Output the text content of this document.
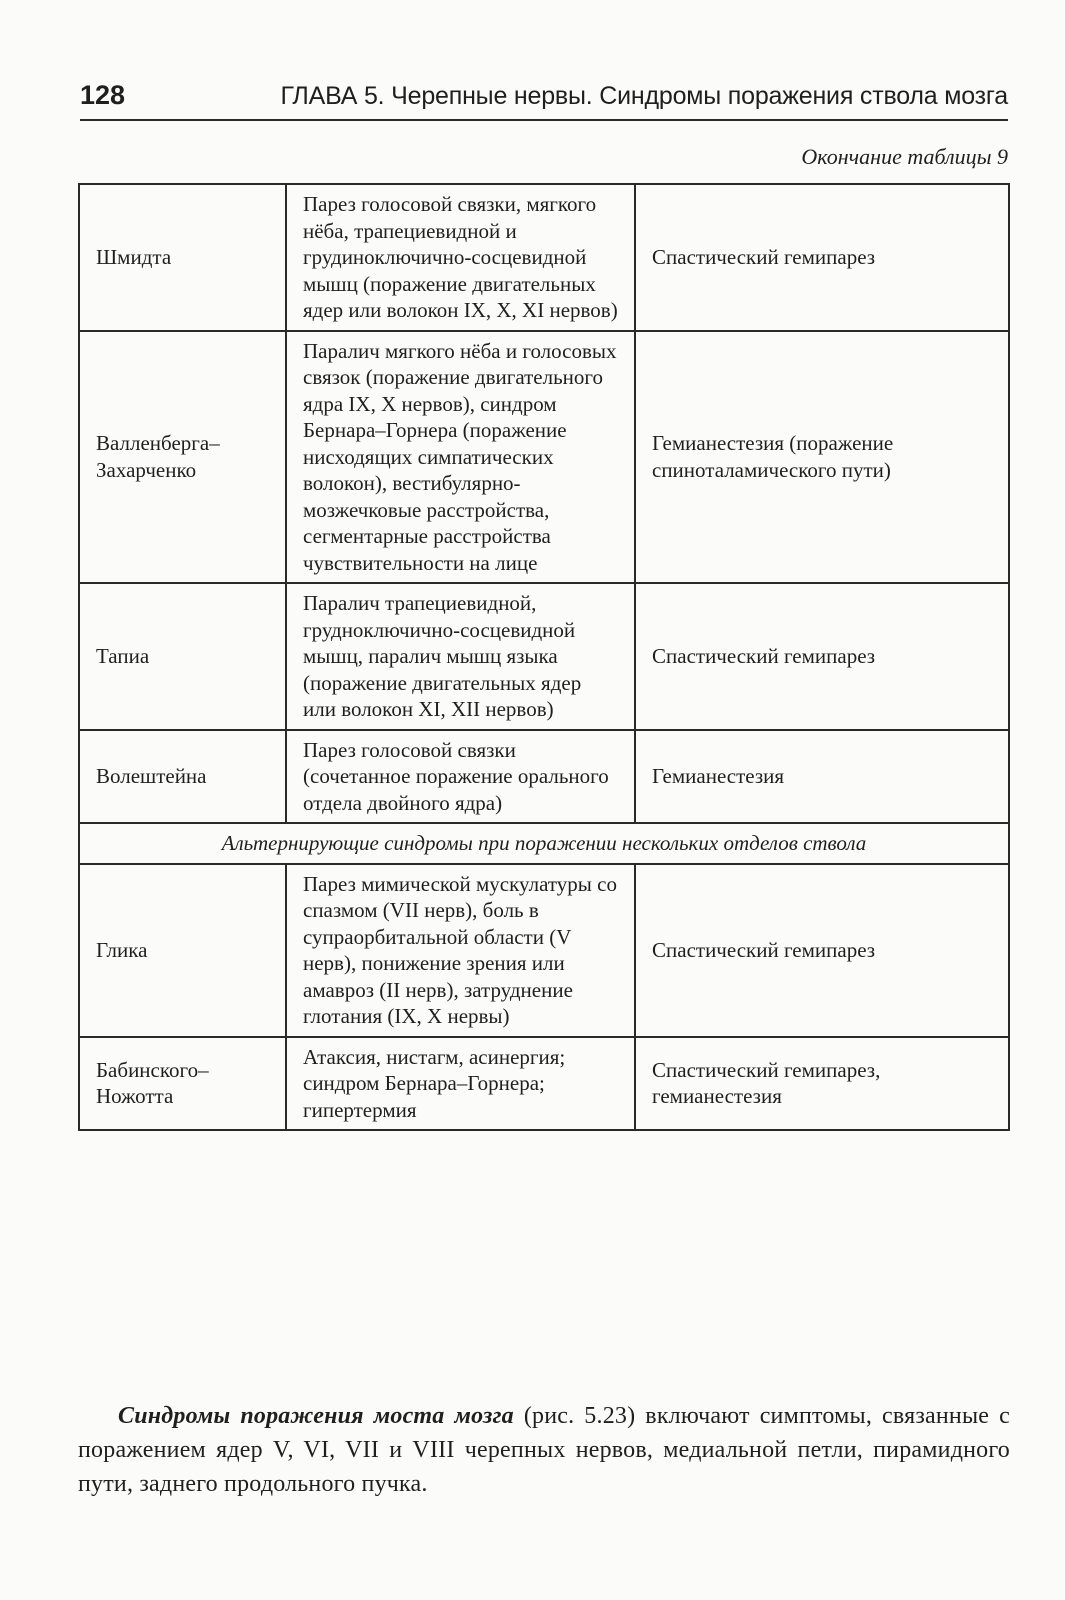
128	ГЛАВА 5. Черепные нервы. Синдромы поражения ствола мозга
Окончание таблицы 9
Шмидта	Парез голосовой связки, мягкого нёба, трапециевидной и грудиноключично-сосцевидной мышц (поражение двигательных ядер или волокон IX, X, XI нервов)	Спастический гемипарез
Валленберга–Захарченко	Паралич мягкого нёба и голосовых связок (поражение двигательного ядра IX, X нервов), синдром Бернара–Горнера (поражение нисходящих симпатических волокон), вестибулярно-мозжечковые расстройства, сегментарные расстройства чувствительности на лице	Гемианестезия (поражение спиноталамического пути)
Тапиа	Паралич трапециевидной, грудноключично-сосцевидной мышц, паралич мышц языка (поражение двигательных ядер или волокон XI, XII нервов)	Спастический гемипарез
Волештейна	Парез голосовой связки (сочетанное поражение орального отдела двойного ядра)	Гемианестезия
Альтернирующие синдромы при поражении нескольких отделов ствола		
Глика	Парез мимической мускулатуры со спазмом (VII нерв), боль в супраорбитальной области (V нерв), понижение зрения или амавроз (II нерв), затруднение глотания (IX, X нервы)	Спастический гемипарез
Бабинского–Ножотта	Атаксия, нистагм, асинергия; синдром Бернара–Горнера; гипертермия	Спастический гемипарез, гемианестезия

Синдромы поражения моста мозга (рис. 5.23) включают симптомы, связанные с поражением ядер V, VI, VII и VIII черепных нервов, медиальной петли, пирамидного пути, заднего продольного пучка.
